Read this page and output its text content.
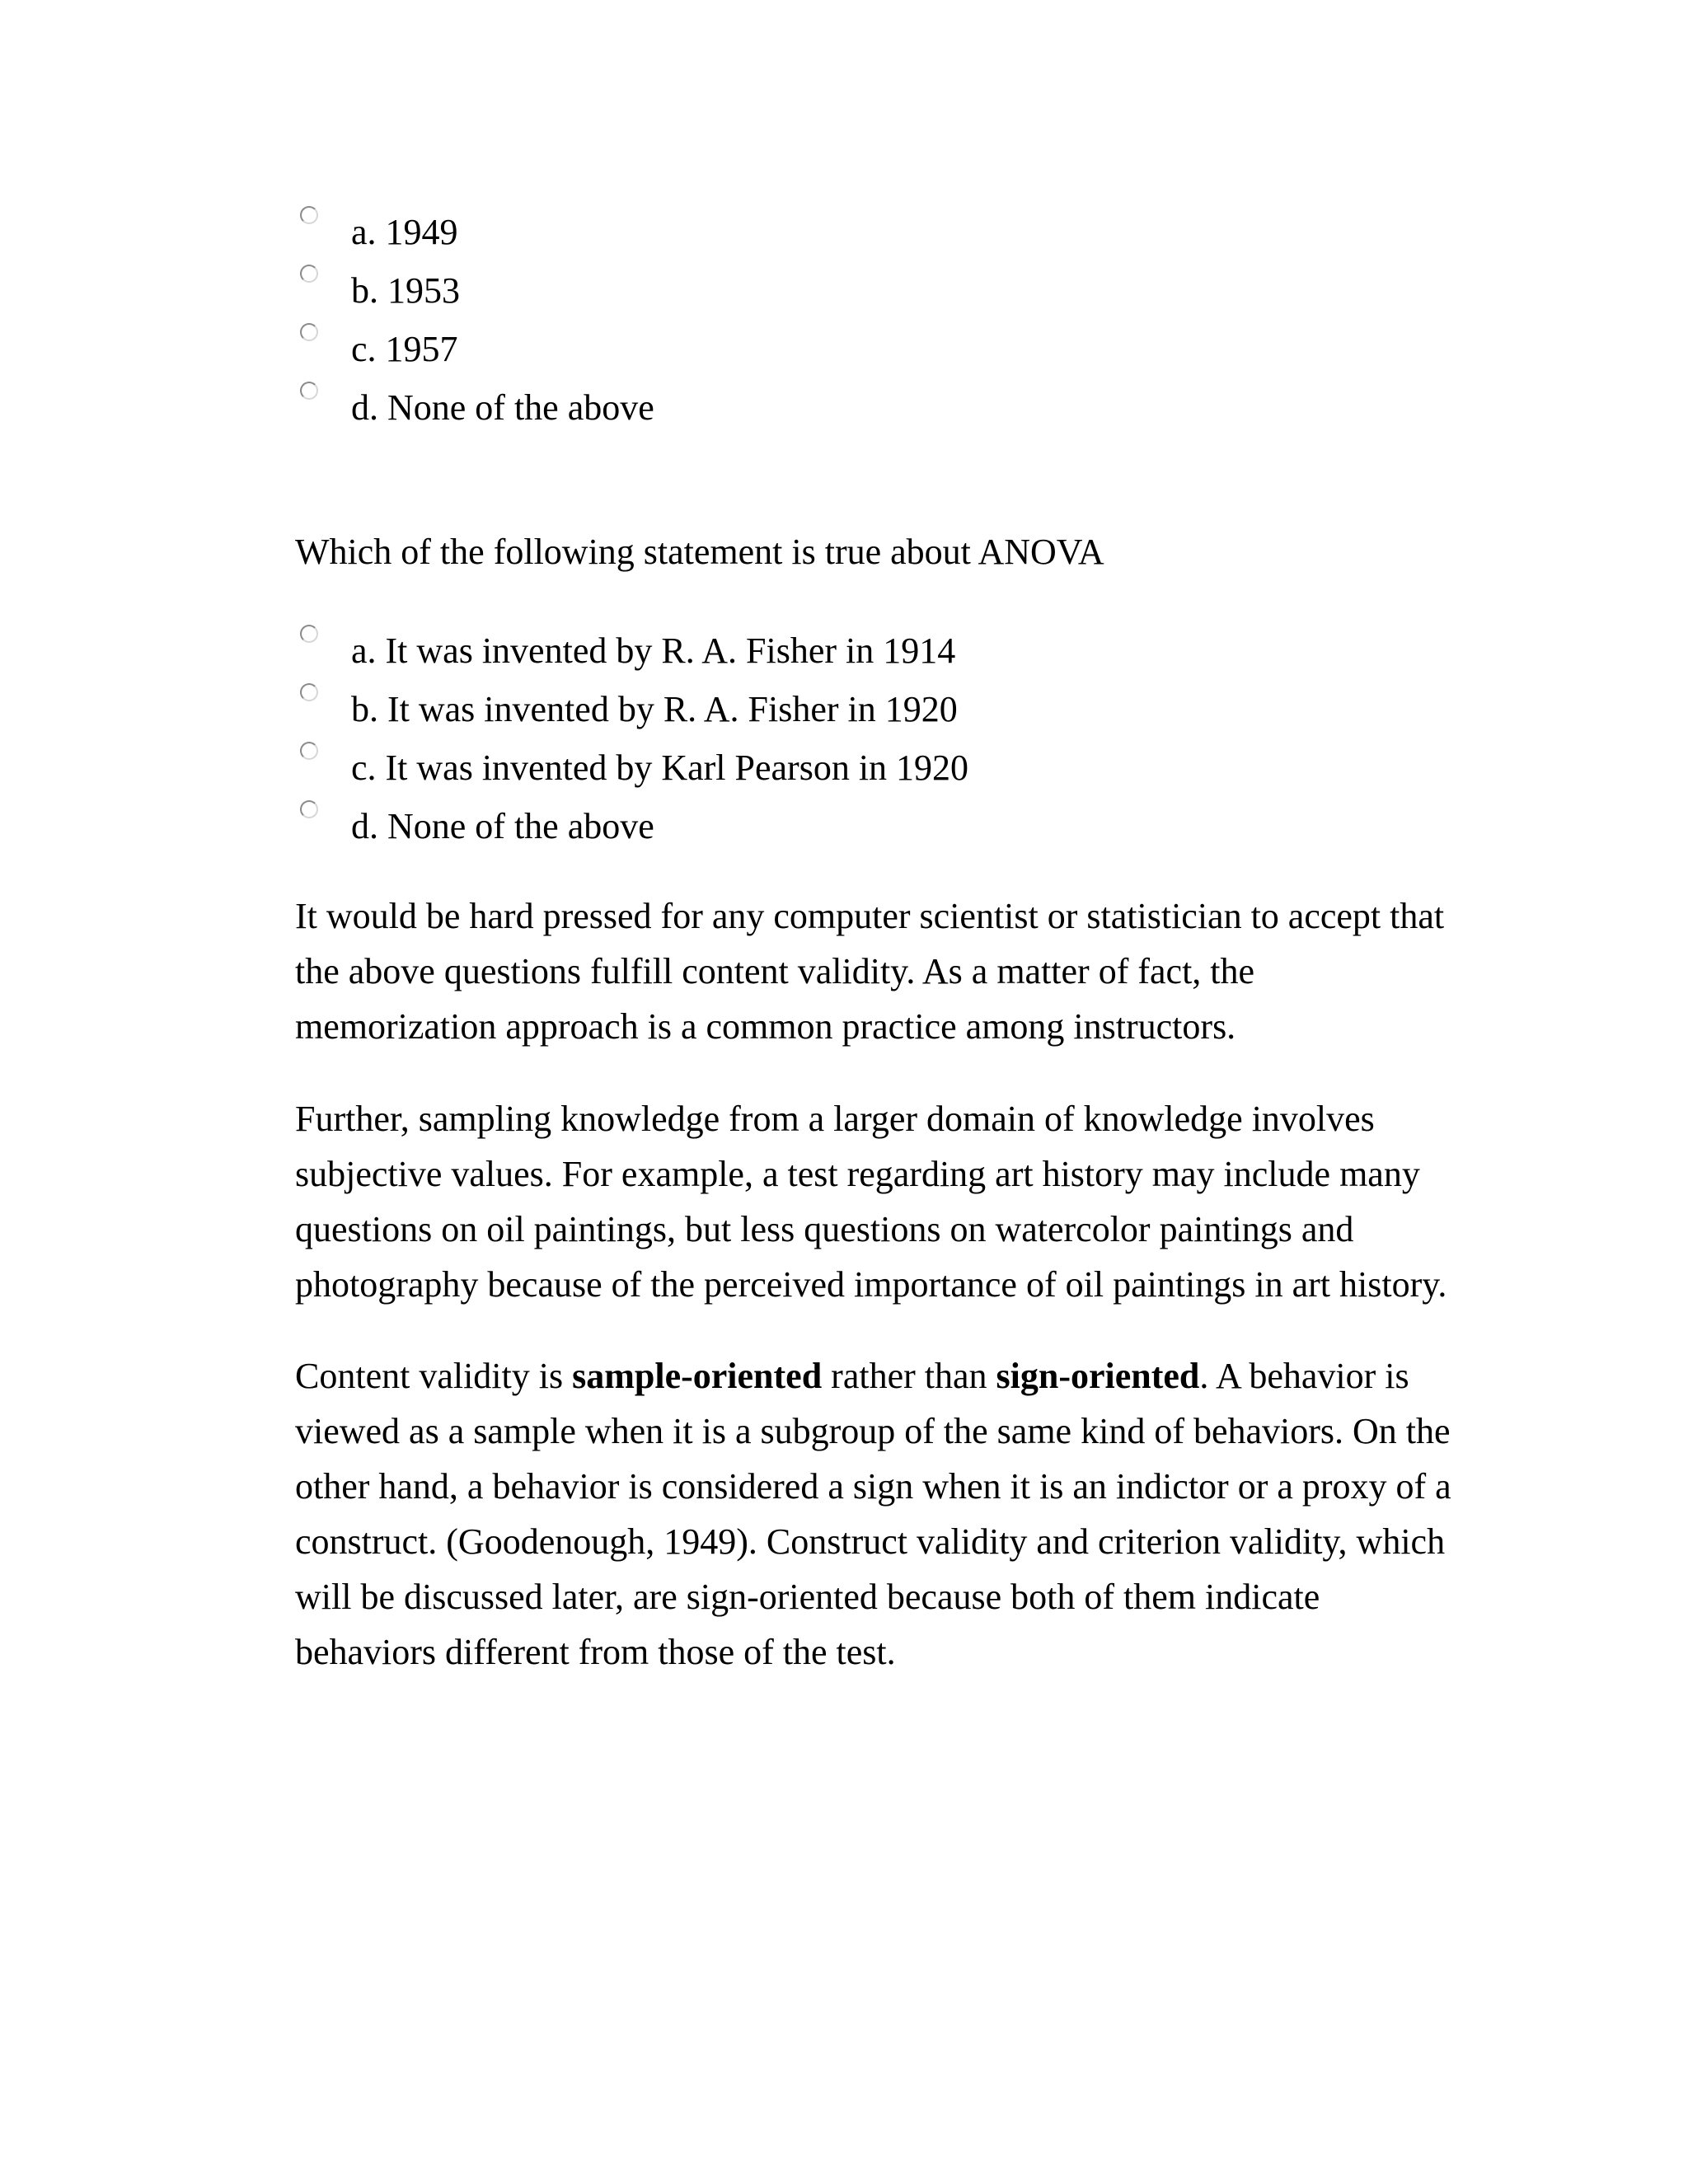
a. 1949
b. 1953
c. 1957
d. None of the above

Which of the following statement is true about ANOVA

a. It was invented by R. A. Fisher in 1914
b. It was invented by R. A. Fisher in 1920
c. It was invented by Karl Pearson in 1920
d. None of the above

It would be hard pressed for any computer scientist or statistician to accept that
the above questions fulfill content validity. As a matter of fact, the
memorization approach is a common practice among instructors.

Further, sampling knowledge from a larger domain of knowledge involves
subjective values. For example, a test regarding art history may include many
questions on oil paintings, but less questions on watercolor paintings and
photography because of the perceived importance of oil paintings in art history.

Content validity is sample-oriented rather than sign-oriented. A behavior is
viewed as a sample when it is a subgroup of the same kind of behaviors. On the
other hand, a behavior is considered a sign when it is an indictor or a proxy of a
construct. (Goodenough, 1949). Construct validity and criterion validity, which
will be discussed later, are sign-oriented because both of them indicate
behaviors different from those of the test.
